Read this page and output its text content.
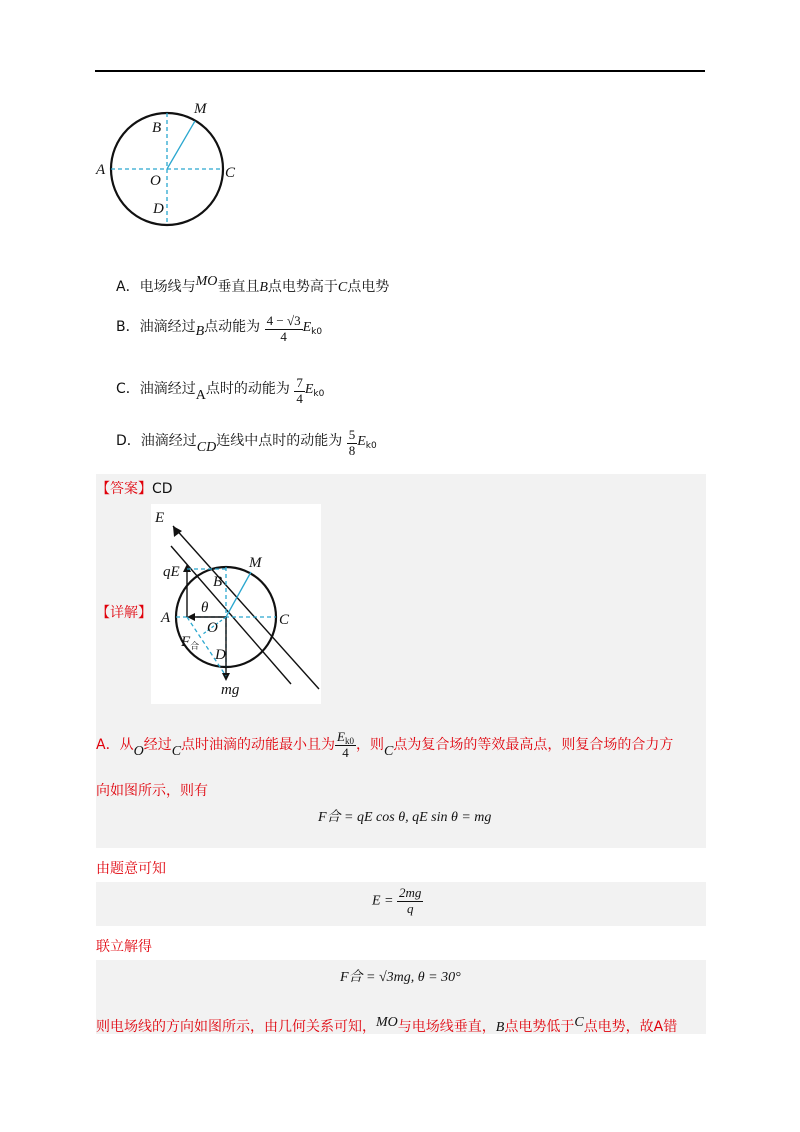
M
B
A
O	C
D
A．电场线与MO垂直且B点电势高于C点电势
B．油滴经过B点动能为 $\frac{4 - √3}{4} E_{k0}$
C．油滴经过A点时的动能为 $\frac{7}{4} E_{k0}$
D．油滴经过CD连线中点时的动能为 $\frac{5}{8} E_{k0}$
【答案】CD
【详解】
E
qE
M
B
θ
A
O	C
$F_合$
D
mg
A．从O经过C点时油滴的动能最小且为 $\frac{E_{k0}}{4}$ ，则C点为复合场的等效最高点，则复合场的合力方
向如图所示，则有
F合 = qE cos θ, qE sin θ = mg
由题意可知
$E = \frac{2mg}{q}$
联立解得
F合 = √3mg, θ = 30°
则电场线的方向如图所示，由几何关系可知，MO与电场线垂直，B点电势低于C点电势，故A错
